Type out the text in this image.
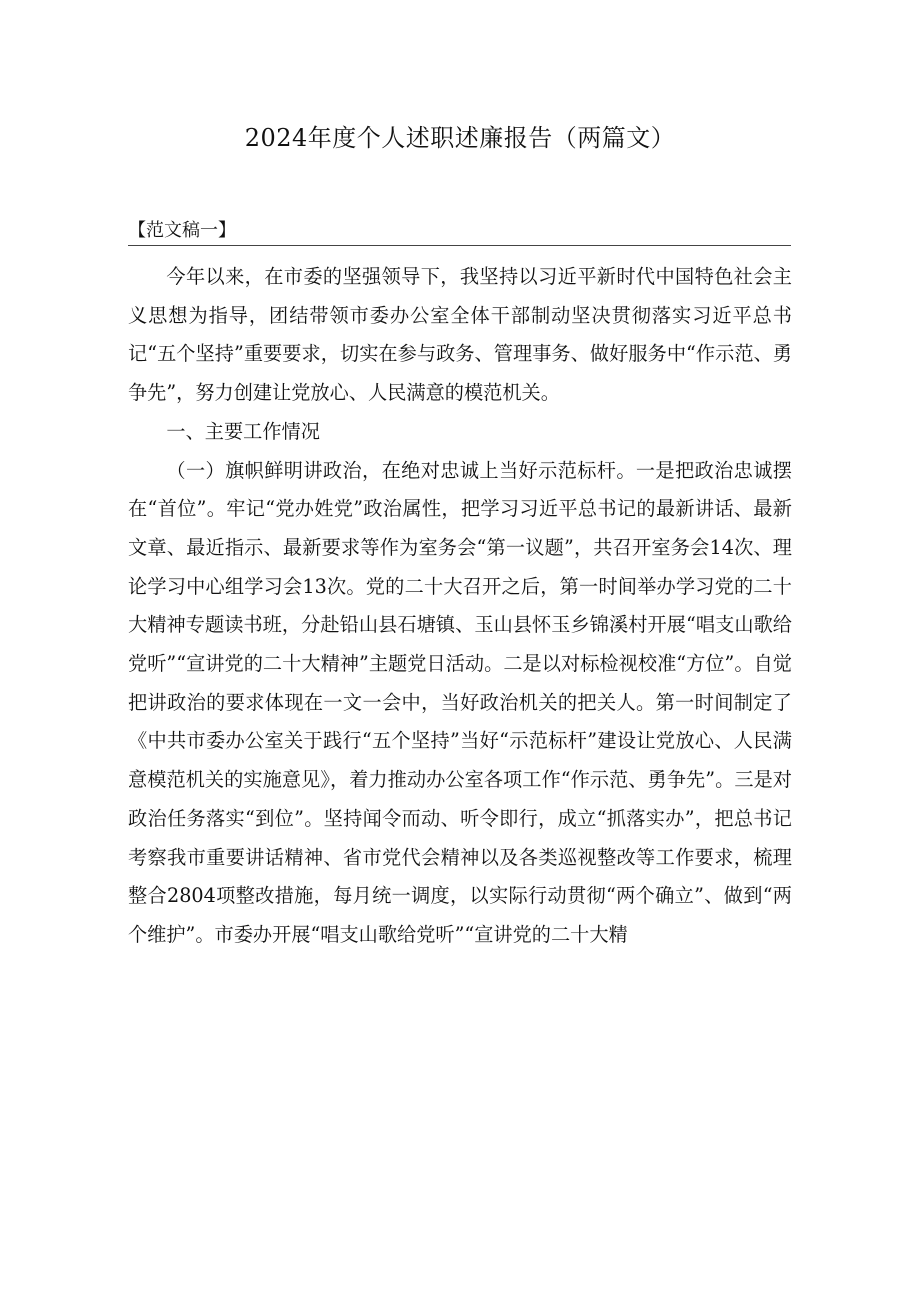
2024年度个人述职述廉报告（两篇文）
【范文稿一】

今年以来，在市委的坚强领导下，我坚持以习近平新时代中国特色社会主义思想为指导，团结带领市委办公室全体干部制动坚决贯彻落实习近平总书记“五个坚持”重要要求，切实在参与政务、管理事务、做好服务中“作示范、勇争先”，努力创建让党放心、人民满意的模范机关。

一、主要工作情况

（一）旗帜鲜明讲政治，在绝对忠诚上当好示范标杆。一是把政治忠诚摆在“首位”。牢记“党办姓党”政治属性，把学习习近平总书记的最新讲话、最新文章、最近指示、最新要求等作为室务会“第一议题”，共召开室务会14次、理论学习中心组学习会13次。党的二十大召开之后，第一时间举办学习党的二十大精神专题读书班，分赴铅山县石塘镇、玉山县怀玉乡锦溪村开展“唱支山歌给党听”“宣讲党的二十大精神”主题党日活动。二是以对标检视校准“方位”。自觉把讲政治的要求体现在一文一会中，当好政治机关的把关人。第一时间制定了《中共市委办公室关于践行“五个坚持”当好“示范标杆”建设让党放心、人民满意模范机关的实施意见》，着力推动办公室各项工作“作示范、勇争先”。三是对政治任务落实“到位”。坚持闻令而动、听令即行，成立“抓落实办”，把总书记考察我市重要讲话精神、省市党代会精神以及各类巡视整改等工作要求，梳理整合2804项整改措施，每月统一调度，以实际行动贯彻“两个确立”、做到“两个维护”。市委办开展“唱支山歌给党听”“宣讲党的二十大精
